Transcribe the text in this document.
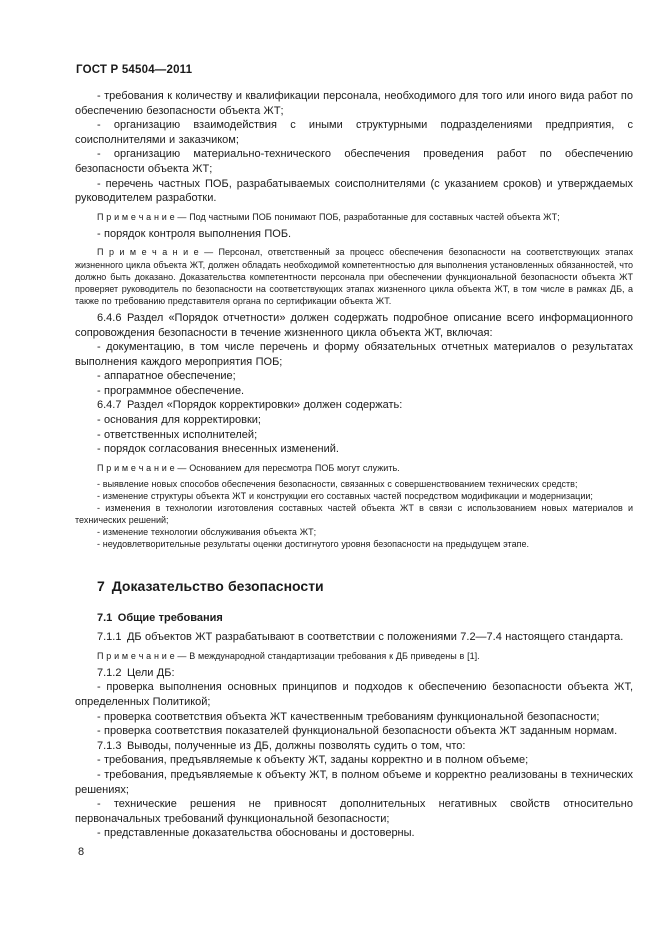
ГОСТ Р 54504—2011

- требования к количеству и квалификации персонала, необходимого для того или иного вида работ по обеспечению безопасности объекта ЖТ;

- организацию взаимодействия с иными структурными подразделениями предприятия, с соисполнителями и заказчиком;

- организацию материально-технического обеспечения проведения работ по обеспечению безопасности объекта ЖТ;

- перечень частных ПОБ, разрабатываемых соисполнителями (с указанием сроков) и утверждаемых руководителем разработки.

П р и м е ч а н и е — Под частными ПОБ понимают ПОБ, разработанные для составных частей объекта ЖТ;

- порядок контроля выполнения ПОБ.

П р и м е ч а н и е — Персонал, ответственный за процесс обеспечения безопасности на соответствующих этапах жизненного цикла объекта ЖТ, должен обладать необходимой компетентностью для выполнения установленных обязанностей, что должно быть доказано. Доказательства компетентности персонала при обеспечении функциональной безопасности объекта ЖТ проверяет руководитель по безопасности на соответствующих этапах жизненного цикла объекта ЖТ, в том числе в рамках ДБ, а также по требованию представителя органа по сертификации объекта ЖТ.

6.4.6 Раздел «Порядок отчетности» должен содержать подробное описание всего информационного сопровождения безопасности в течение жизненного цикла объекта ЖТ, включая:

- документацию, в том числе перечень и форму обязательных отчетных материалов о результатах выполнения каждого мероприятия ПОБ;

- аппаратное обеспечение;

- программное обеспечение.

6.4.7 Раздел «Порядок корректировки» должен содержать:

- основания для корректировки;

- ответственных исполнителей;

- порядок согласования внесенных изменений.

П р и м е ч а н и е — Основанием для пересмотра ПОБ могут служить.

- выявление новых способов обеспечения безопасности, связанных с совершенствованием технических средств;

- изменение структуры объекта ЖТ и конструкции его составных частей посредством модификации и модернизации;

- изменения в технологии изготовления составных частей объекта ЖТ в связи с использованием новых материалов и технических решений;

- изменение технологии обслуживания объекта ЖТ;

- неудовлетворительные результаты оценки достигнутого уровня безопасности на предыдущем этапе.

7 Доказательство безопасности

7.1 Общие требования

7.1.1 ДБ объектов ЖТ разрабатывают в соответствии с положениями 7.2—7.4 настоящего стандарта.

П р и м е ч а н и е — В международной стандартизации требования к ДБ приведены в [1].

7.1.2 Цели ДБ:

- проверка выполнения основных принципов и подходов к обеспечению безопасности объекта ЖТ, определенных Политикой;

- проверка соответствия объекта ЖТ качественным требованиям функциональной безопасности;

- проверка соответствия показателей функциональной безопасности объекта ЖТ заданным нормам.

7.1.3 Выводы, полученные из ДБ, должны позволять судить о том, что:

- требования, предъявляемые к объекту ЖТ, заданы корректно и в полном объеме;

- требования, предъявляемые к объекту ЖТ, в полном объеме и корректно реализованы в технических решениях;

- технические решения не привносят дополнительных негативных свойств относительно первоначальных требований функциональной безопасности;

- представленные доказательства обоснованы и достоверны.

8
